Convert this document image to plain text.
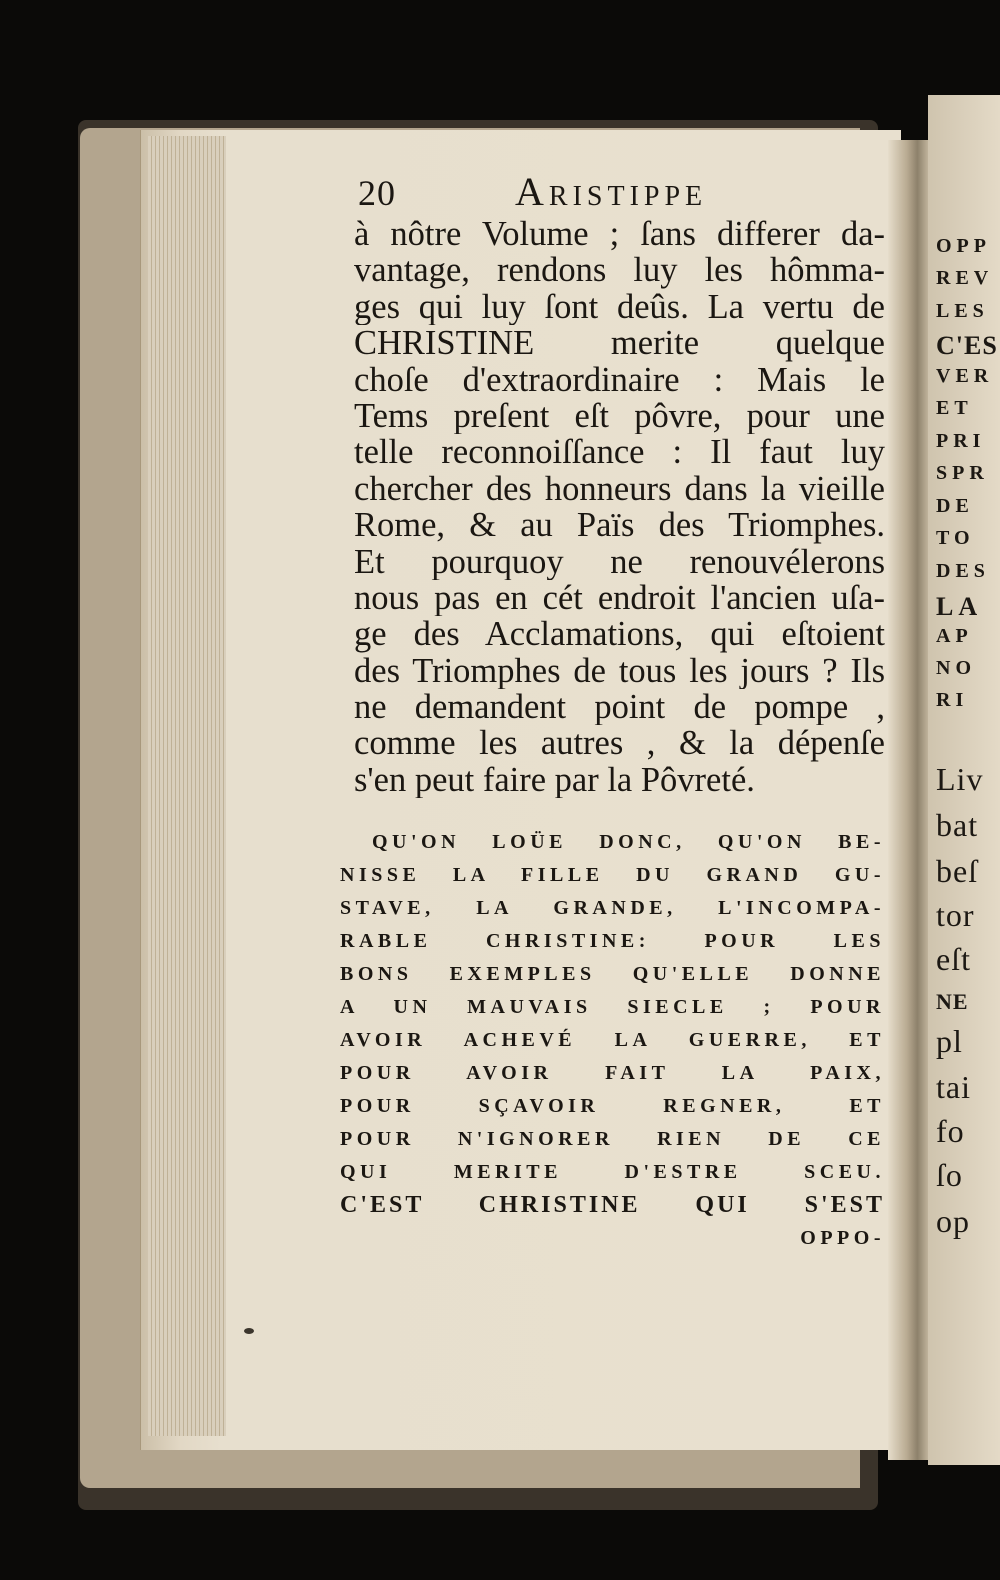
OPP
REV
LES
C'ES
VER
ET
PRI
SPR
DE
TO
DES
LA
AP
NO
RI
Liv
bat
beſ
tor
eſt
NE
pl
tai
fo
ſo
op
20	Aristippe
à nôtre Volume ; ſans differer da-
vantage, rendons luy les hômma-
ges qui luy ſont deûs. La vertu de
CHRISTINE merite quelque
choſe d'extraordinaire : Mais le
Tems preſent eſt pôvre, pour une
telle reconnoiſſance : Il faut luy
chercher des honneurs dans la vieille
Rome, & au Païs des Triomphes.
Et pourquoy ne renouvélerons
nous pas en cét endroit l'ancien uſa-
ge des Acclamations, qui eſtoient
des Triomphes de tous les jours ? Ils
ne demandent point de pompe ,
comme les autres , & la dépenſe
s'en peut faire par la Pôvreté.
QU'ON LOÜE DONC, QU'ON BE-
NISSE LA FILLE DU GRAND GU-
STAVE, LA GRANDE, L'INCOMPA-
RABLE CHRISTINE: POUR LES
BONS EXEMPLES QU'ELLE DONNE
A UN MAUVAIS SIECLE ; POUR
AVOIR ACHEVÉ LA GUERRE, ET
POUR AVOIR FAIT LA PAIX,
POUR SÇAVOIR REGNER, ET
POUR N'IGNORER RIEN DE CE
QUI MERITE D'ESTRE SCEU.
C'EST CHRISTINE QUI S'EST
OPPO-
